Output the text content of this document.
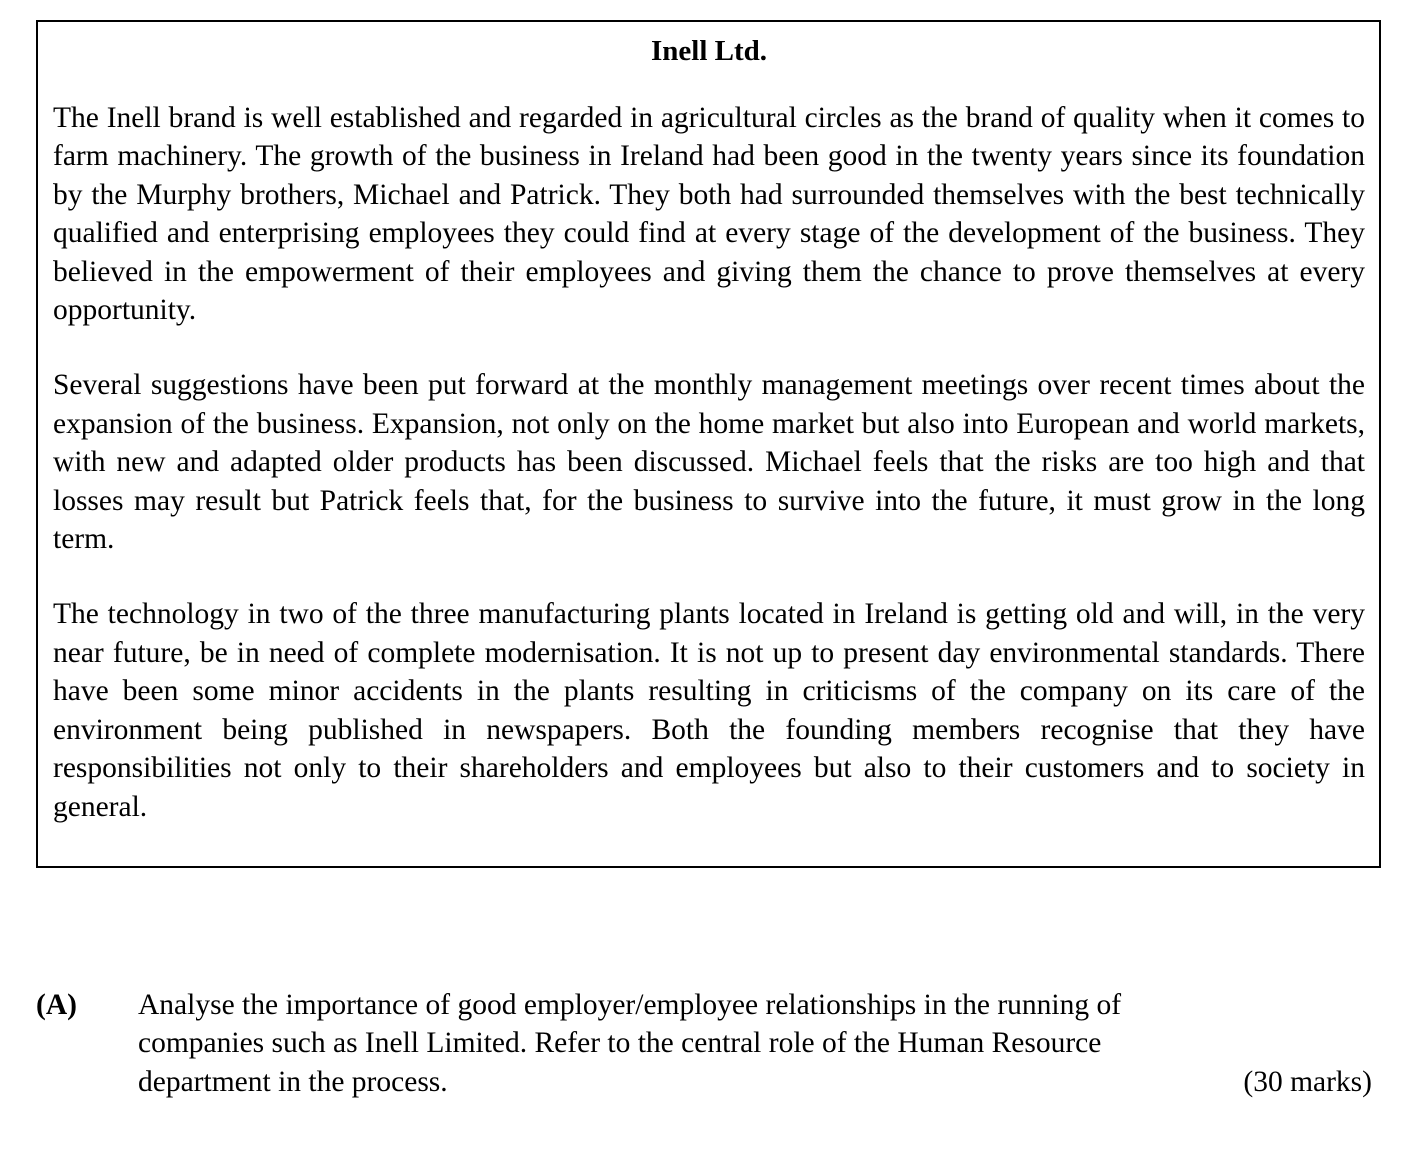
Inell Ltd.

The Inell brand is well established and regarded in agricultural circles as the brand of quality when it comes to farm machinery. The growth of the business in Ireland had been good in the twenty years since its foundation by the Murphy brothers, Michael and Patrick. They both had surrounded themselves with the best technically qualified and enterprising employees they could find at every stage of the development of the business. They believed in the empowerment of their employees and giving them the chance to prove themselves at every opportunity.

Several suggestions have been put forward at the monthly management meetings over recent times about the expansion of the business. Expansion, not only on the home market but also into European and world markets, with new and adapted older products has been discussed. Michael feels that the risks are too high and that losses may result but Patrick feels that, for the business to survive into the future, it must grow in the long term.

The technology in two of the three manufacturing plants located in Ireland is getting old and will, in the very near future, be in need of complete modernisation. It is not up to present day environmental standards. There have been some minor accidents in the plants resulting in criticisms of the company on its care of the environment being published in newspapers. Both the founding members recognise that they have responsibilities not only to their shareholders and employees but also to their customers and to society in general.

(A) Analyse the importance of good employer/employee relationships in the running of
companies such as Inell Limited. Refer to the central role of the Human Resource
department in the process.	(30 marks)
